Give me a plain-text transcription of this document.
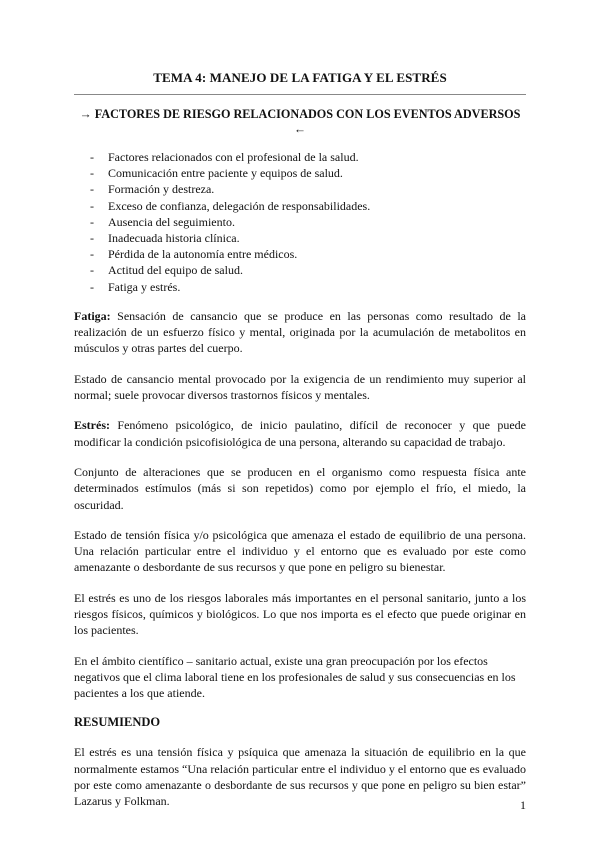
TEMA 4: MANEJO DE LA FATIGA Y EL ESTRÉS
→ FACTORES DE RIESGO RELACIONADOS CON LOS EVENTOS ADVERSOS ←
-	Factores relacionados con el profesional de la salud.
-	Comunicación entre paciente y equipos de salud.
-	Formación y destreza.
-	Exceso de confianza, delegación de responsabilidades.
-	Ausencia del seguimiento.
-	Inadecuada historia clínica.
-	Pérdida de la autonomía entre médicos.
-	Actitud del equipo de salud.
-	Fatiga y estrés.

Fatiga: Sensación de cansancio que se produce en las personas como resultado de la realización de un esfuerzo físico y mental, originada por la acumulación de metabolitos en músculos y otras partes del cuerpo.

Estado de cansancio mental provocado por la exigencia de un rendimiento muy superior al normal; suele provocar diversos trastornos físicos y mentales.

Estrés: Fenómeno psicológico, de inicio paulatino, difícil de reconocer y que puede modificar la condición psicofisiológica de una persona, alterando su capacidad de trabajo.

Conjunto de alteraciones que se producen en el organismo como respuesta física ante determinados estímulos (más si son repetidos) como por ejemplo el frío, el miedo, la oscuridad.

Estado de tensión física y/o psicológica que amenaza el estado de equilibrio de una persona. Una relación particular entre el individuo y el entorno que es evaluado por este como amenazante o desbordante de sus recursos y que pone en peligro su bienestar.

El estrés es uno de los riesgos laborales más importantes en el personal sanitario, junto a los riesgos físicos, químicos y biológicos. Lo que nos importa es el efecto que puede originar en los pacientes.

En el ámbito científico – sanitario actual, existe una gran preocupación por los efectos negativos que el clima laboral tiene en los profesionales de salud y sus consecuencias en los pacientes a los que atiende.

RESUMIENDO

El estrés es una tensión física y psíquica que amenaza la situación de equilibrio en la que normalmente estamos “Una relación particular entre el individuo y el entorno que es evaluado por este como amenazante o desbordante de sus recursos y que pone en peligro su bien estar” Lazarus y Folkman.	1
